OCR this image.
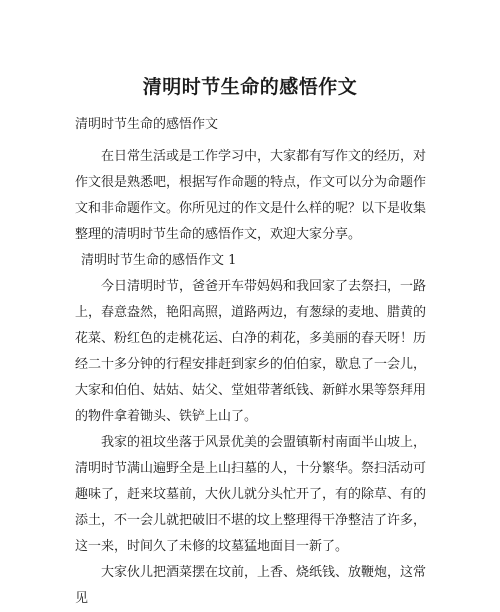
清明时节生命的感悟作文

清明时节生命的感悟作文

在日常生活或是工作学习中，大家都有写作文的经历，对作文很是熟悉吧，根据写作命题的特点，作文可以分为命题作文和非命题作文。你所见过的作文是什么样的呢？以下是收集整理的清明时节生命的感悟作文，欢迎大家分享。

清明时节生命的感悟作文 1

今日清明时节，爸爸开车带妈妈和我回家了去祭扫，一路上，春意盎然，艳阳高照，道路两边，有葱绿的麦地、腊黄的花菜、粉红色的走桃花运、白净的莉花，多美丽的春天呀！历经二十多分钟的行程安排赶到家乡的伯伯家，歇息了一会儿，大家和伯伯、姑姑、姑父、堂姐带著纸钱、新鲜水果等祭拜用的物件拿着锄头、铁铲上山了。

我家的祖坟坐落于风景优美的会盟镇靳村南面半山坡上，清明时节满山遍野全是上山扫墓的人，十分繁华。祭扫活动可趣味了，赶来坟墓前，大伙儿就分头忙开了，有的除草、有的添土，不一会儿就把破旧不堪的坟上整理得干净整洁了许多，这一来，时间久了未修的坟墓猛地面目一新了。

大家伙儿把酒菜摆在坟前，上香、烧纸钱、放鞭炮，这常见
